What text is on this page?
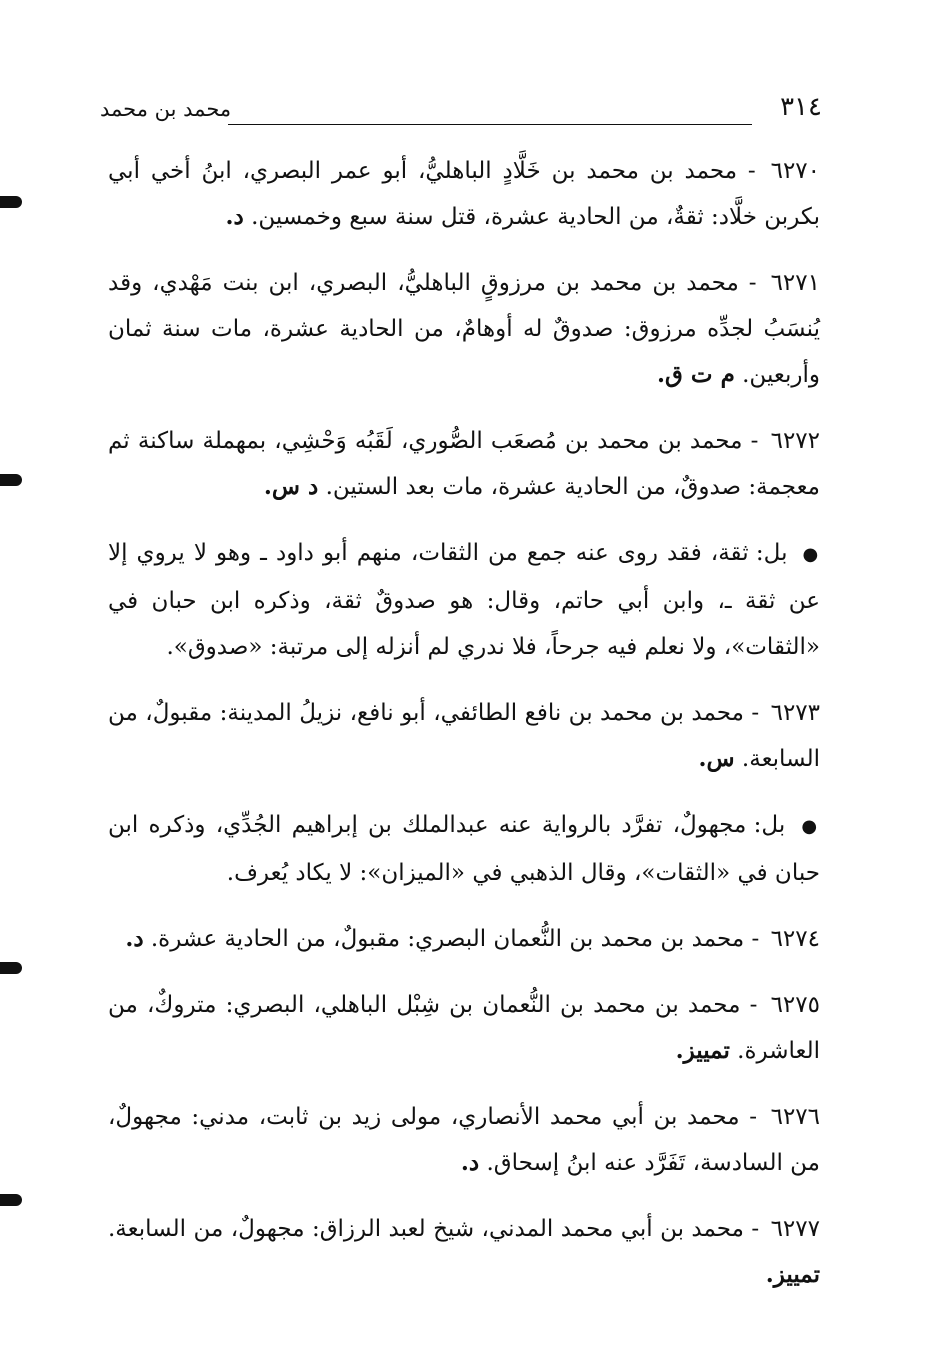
٣١٤
محمد بن محمد

٦٢٧٠ - محمد بن محمد بن خَلَّادٍ الباهليُّ، أبو عمر البصري، ابنُ أخي أبي بكربن خلَّاد: ثقةٌ، من الحادية عشرة، قتل سنة سبع وخمسين. د.

٦٢٧١ - محمد بن محمد بن مرزوقٍ الباهليُّ، البصري، ابن بنت مَهْدي، وقد يُنسَبُ لجدِّه مرزوق: صدوقٌ له أوهامٌ، من الحادية عشرة، مات سنة ثمان وأربعين. م ت ق.

٦٢٧٢ - محمد بن محمد بن مُصعَب الصُّوري، لَقَبُه وَحْشِي، بمهملة ساكنة ثم معجمة: صدوقٌ، من الحادية عشرة، مات بعد الستين. د س.

● بل: ثقة، فقد روى عنه جمع من الثقات، منهم أبو داود ـ وهو لا يروي إلا عن ثقة ـ، وابن أبي حاتم، وقال: هو صدوقٌ ثقة، وذكره ابن حبان في «الثقات»، ولا نعلم فيه جرحاً، فلا ندري لم أنزله إلى مرتبة: «صدوق».

٦٢٧٣ - محمد بن محمد بن نافع الطائفي، أبو نافع، نزيلُ المدينة: مقبولٌ، من السابعة. س.

● بل: مجهولٌ، تفرَّد بالرواية عنه عبدالملك بن إبراهيم الجُدِّي، وذكره ابن حبان في «الثقات»، وقال الذهبي في «الميزان»: لا يكاد يُعرف.

٦٢٧٤ - محمد بن محمد بن النُّعمان البصري: مقبولٌ، من الحادية عشرة. د.

٦٢٧٥ - محمد بن محمد بن النُّعمان بن شِبْل الباهلي، البصري: متروكٌ، من العاشرة. تمييز.

٦٢٧٦ - محمد بن أبي محمد الأنصاري، مولى زيد بن ثابت، مدني: مجهولٌ، من السادسة، تَفَرَّد عنه ابنُ إسحاق. د.

٦٢٧٧ - محمد بن أبي محمد المدني، شيخ لعبد الرزاق: مجهولٌ، من السابعة. تمييز.
